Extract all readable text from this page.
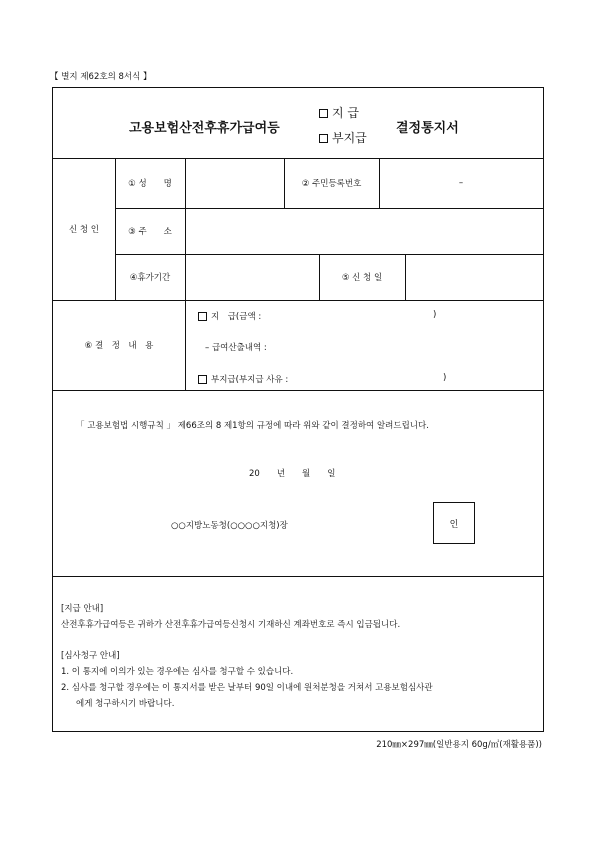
【 별지 제62호의 8서식 】
고용보험산전후휴가급여등
지 급
부지급
결정통지서
신 청 인
① 성　　명	② 주민등록번호	–
③ 주　　소
④휴가기간	⑤ 신 청 일
⑥ 결　정　내　용
지　급(금액 :	)
– 급여산출내역 :
부지급(부지급 사유 :	)
「 고용보험법 시행규칙 」 제66조의 8 제1항의 규정에 따라 위와 같이 결정하여 알려드립니다.
20　　년　　월　　일
○○지방노동청(○○○○지청)장	인
[지급 안내]
산전후휴가급여등은 귀하가 산전후휴가급여등신청시 기재하신 계좌번호로 즉시 입금됩니다.
[심사청구 안내]
1. 이 통지에 이의가 있는 경우에는 심사를 청구할 수 있습니다.
2. 심사를 청구할 경우에는 이 통지서를 받은 날부터 90일 이내에 원처분청을 거쳐서 고용보험심사관
에게 청구하시기 바랍니다.
210㎜×297㎜(일반용지 60g/㎡(재활용품))
